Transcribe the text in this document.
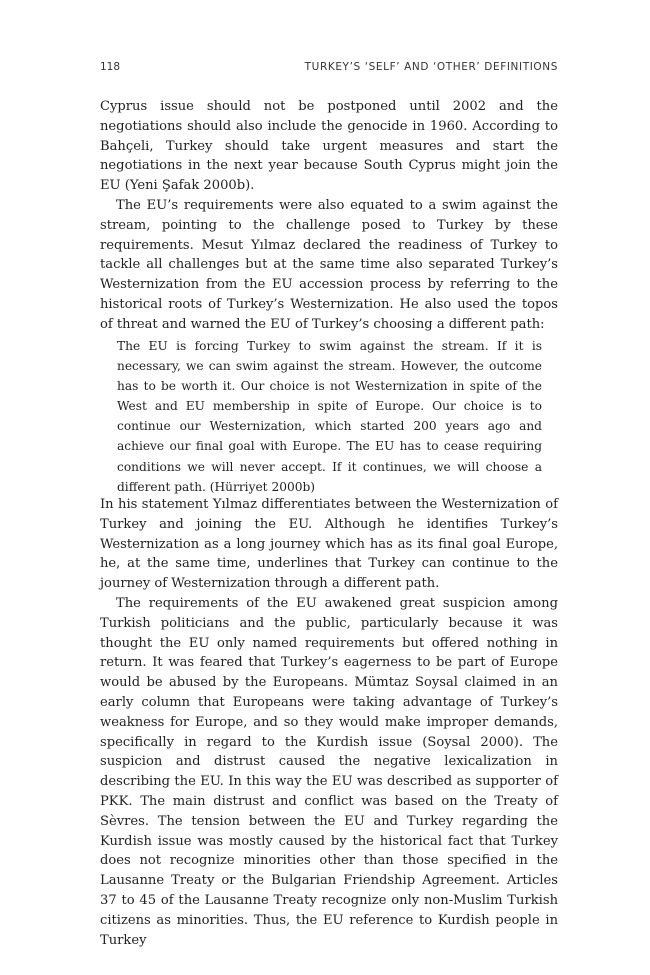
118	TURKEY’S ‘SELF’ AND ‘OTHER’ DEFINITIONS

Cyprus issue should not be postponed until 2002 and the negotiations should also include the genocide in 1960. According to Bahçeli, Turkey should take urgent measures and start the negotiations in the next year because South Cyprus might join the EU (Yeni Şafak 2000b).

The EU’s requirements were also equated to a swim against the stream, pointing to the challenge posed to Turkey by these requirements. Mesut Yılmaz declared the readiness of Turkey to tackle all challenges but at the same time also separated Turkey’s Westernization from the EU accession process by referring to the historical roots of Turkey’s Westernization. He also used the topos of threat and warned the EU of Turkey’s choosing a different path:

The EU is forcing Turkey to swim against the stream. If it is necessary, we can swim against the stream. However, the outcome has to be worth it. Our choice is not Westernization in spite of the West and EU membership in spite of Europe. Our choice is to continue our Westernization, which started 200 years ago and achieve our final goal with Europe. The EU has to cease requiring conditions we will never accept. If it continues, we will choose a different path. (Hürriyet 2000b)

In his statement Yılmaz differentiates between the Westernization of Turkey and joining the EU. Although he identifies Turkey’s Westernization as a long journey which has as its final goal Europe, he, at the same time, underlines that Turkey can continue to the journey of Westernization through a different path.

The requirements of the EU awakened great suspicion among Turkish politicians and the public, particularly because it was thought the EU only named requirements but offered nothing in return. It was feared that Turkey’s eagerness to be part of Europe would be abused by the Europeans. Mümtaz Soysal claimed in an early column that Europeans were taking advantage of Turkey’s weakness for Europe, and so they would make improper demands, specifically in regard to the Kurdish issue (Soysal 2000). The suspicion and distrust caused the negative lexicalization in describing the EU. In this way the EU was described as supporter of PKK. The main distrust and conflict was based on the Treaty of Sèvres. The tension between the EU and Turkey regarding the Kurdish issue was mostly caused by the historical fact that Turkey does not recognize minorities other than those specified in the Lausanne Treaty or the Bulgarian Friendship Agreement. Articles 37 to 45 of the Lausanne Treaty recognize only non-Muslim Turkish citizens as minorities. Thus, the EU reference to Kurdish people in Turkey
